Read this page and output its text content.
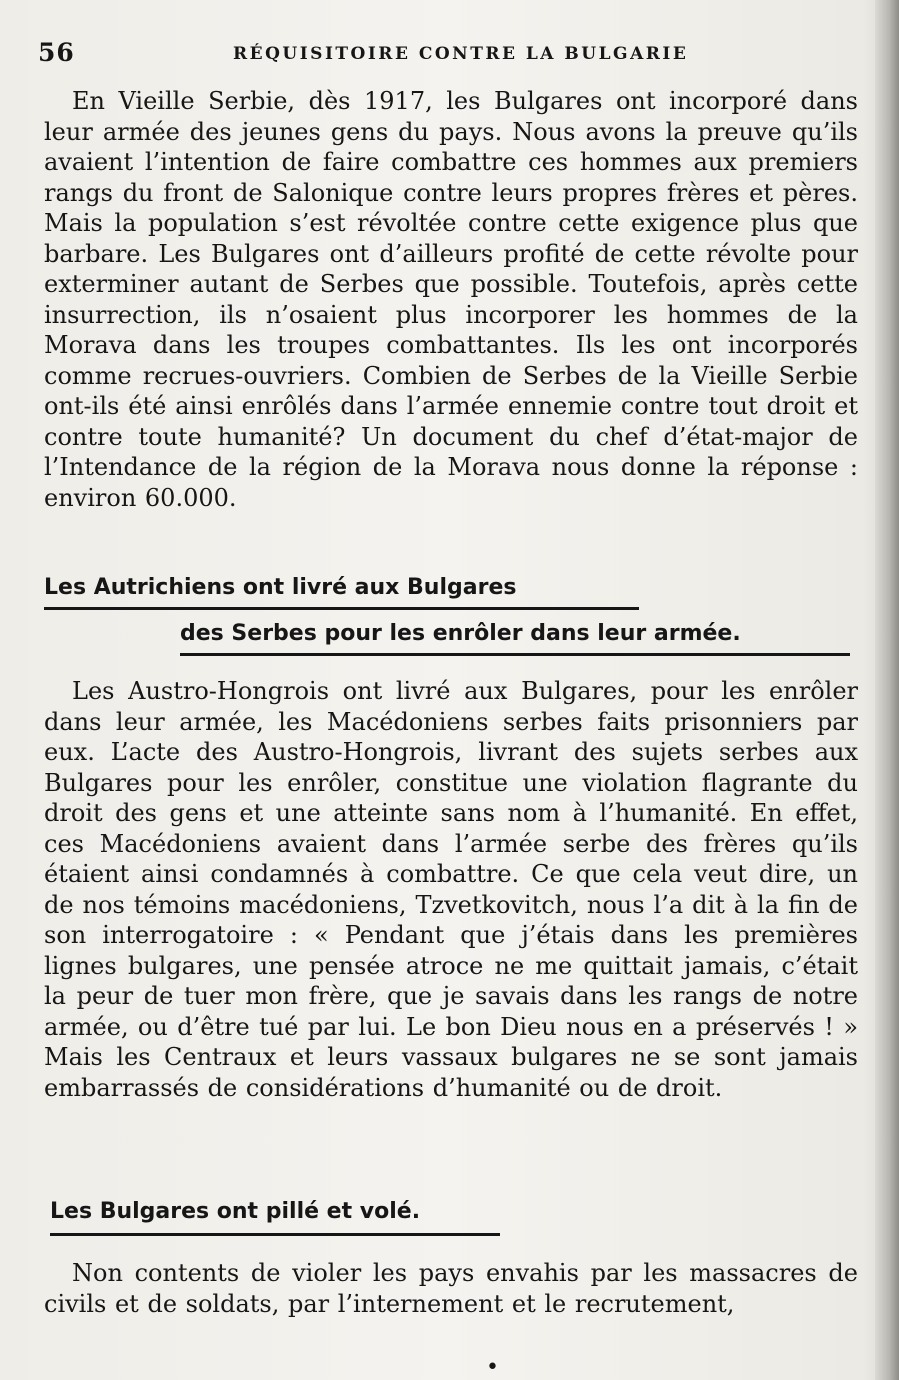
56	RÉQUISITOIRE CONTRE LA BULGARIE

En Vieille Serbie, dès 1917, les Bulgares ont incorporé dans leur armée des jeunes gens du pays. Nous avons la preuve qu’ils avaient l’intention de faire combattre ces hommes aux premiers rangs du front de Salonique contre leurs propres frères et pères. Mais la population s’est révoltée contre cette exigence plus que barbare. Les Bulgares ont d’ailleurs profité de cette révolte pour exterminer autant de Serbes que possible. Toutefois, après cette insurrection, ils n’osaient plus incorporer les hommes de la Morava dans les troupes combattantes. Ils les ont incorporés comme recrues-ouvriers. Combien de Serbes de la Vieille Serbie ont-ils été ainsi enrôlés dans l’armée ennemie contre tout droit et contre toute humanité? Un document du chef d’état-major de l’Intendance de la région de la Morava nous donne la réponse : environ 60.000.

Les Autrichiens ont livré aux Bulgares
des Serbes pour les enrôler dans leur armée.

Les Austro-Hongrois ont livré aux Bulgares, pour les enrôler dans leur armée, les Macédoniens serbes faits prisonniers par eux. L’acte des Austro-Hongrois, livrant des sujets serbes aux Bulgares pour les enrôler, constitue une violation flagrante du droit des gens et une atteinte sans nom à l’humanité. En effet, ces Macédoniens avaient dans l’armée serbe des frères qu’ils étaient ainsi condamnés à combattre. Ce que cela veut dire, un de nos témoins macédoniens, Tzvetkovitch, nous l’a dit à la fin de son interrogatoire : « Pendant que j’étais dans les premières lignes bulgares, une pensée atroce ne me quittait jamais, c’était la peur de tuer mon frère, que je savais dans les rangs de notre armée, ou d’être tué par lui. Le bon Dieu nous en a préservés ! » Mais les Centraux et leurs vassaux bulgares ne se sont jamais embarrassés de considérations d’humanité ou de droit.

Les Bulgares ont pillé et volé.

Non contents de violer les pays envahis par les massacres de civils et de soldats, par l’internement et le recrutement,

•
